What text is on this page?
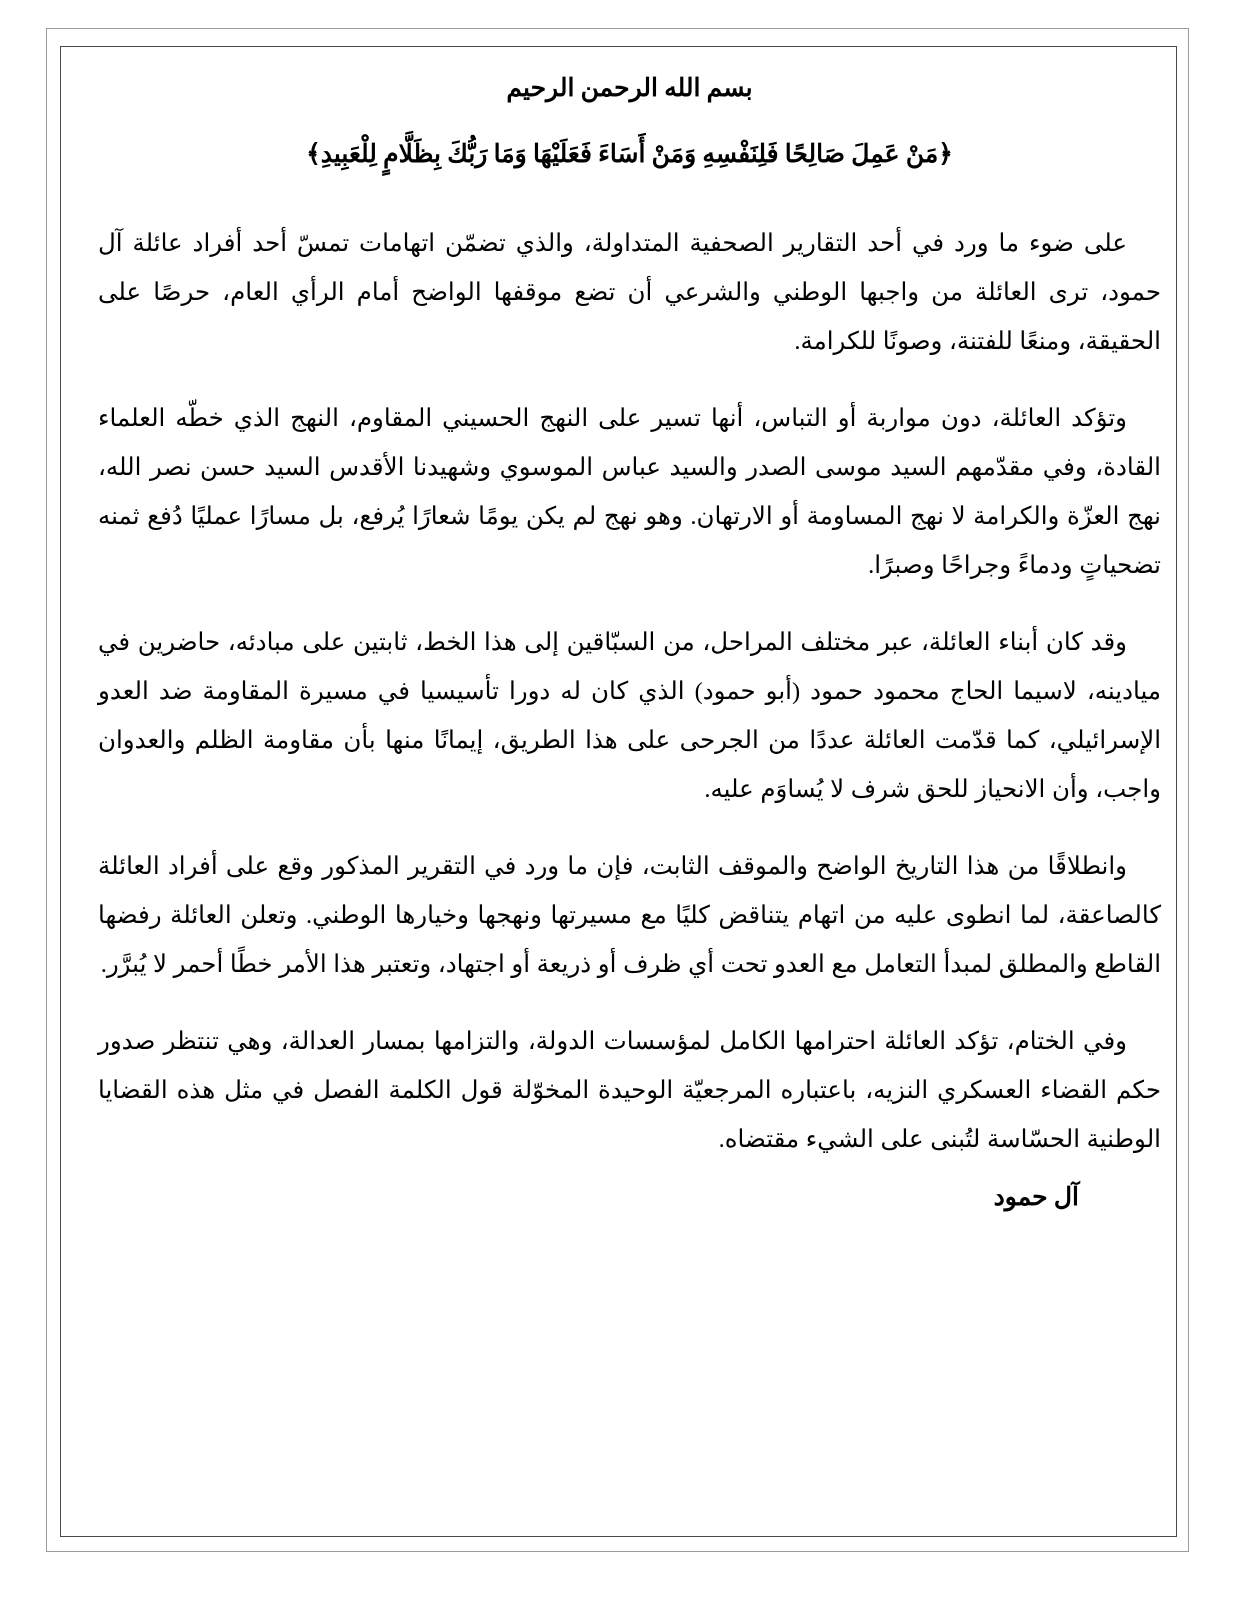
بسم الله الرحمن الرحيم
﴿مَنْ عَمِلَ صَالِحًا فَلِنَفْسِهِ وَمَنْ أَسَاءَ فَعَلَيْهَا وَمَا رَبُّكَ بِظَلَّامٍ لِلْعَبِيدِ﴾

على ضوء ما ورد في أحد التقارير الصحفية المتداولة، والذي تضمّن اتهامات تمسّ أحد أفراد عائلة آل حمود، ترى العائلة من واجبها الوطني والشرعي أن تضع موقفها الواضح أمام الرأي العام، حرصًا على الحقيقة، ومنعًا للفتنة، وصونًا للكرامة.

وتؤكد العائلة، دون مواربة أو التباس، أنها تسير على النهج الحسيني المقاوم، النهج الذي خطّه العلماء القادة، وفي مقدّمهم السيد موسى الصدر والسيد عباس الموسوي وشهيدنا الأقدس السيد حسن نصر الله، نهج العزّة والكرامة لا نهج المساومة أو الارتهان. وهو نهج لم يكن يومًا شعارًا يُرفع، بل مسارًا عمليًا دُفع ثمنه تضحياتٍ ودماءً وجراحًا وصبرًا.

وقد كان أبناء العائلة، عبر مختلف المراحل، من السبّاقين إلى هذا الخط، ثابتين على مبادئه، حاضرين في ميادينه، لاسيما الحاج محمود حمود (أبو حمود) الذي كان له دورا تأسيسيا في مسيرة المقاومة ضد العدو الإسرائيلي، كما قدّمت العائلة عددًا من الجرحى على هذا الطريق، إيمانًا منها بأن مقاومة الظلم والعدوان واجب، وأن الانحياز للحق شرف لا يُساوَم عليه.

وانطلاقًا من هذا التاريخ الواضح والموقف الثابت، فإن ما ورد في التقرير المذكور وقع على أفراد العائلة كالصاعقة، لما انطوى عليه من اتهام يتناقض كليًا مع مسيرتها ونهجها وخيارها الوطني. وتعلن العائلة رفضها القاطع والمطلق لمبدأ التعامل مع العدو تحت أي ظرف أو ذريعة أو اجتهاد، وتعتبر هذا الأمر خطًا أحمر لا يُبرَّر.

وفي الختام، تؤكد العائلة احترامها الكامل لمؤسسات الدولة، والتزامها بمسار العدالة، وهي تنتظر صدور حكم القضاء العسكري النزيه، باعتباره المرجعيّة الوحيدة المخوّلة قول الكلمة الفصل في مثل هذه القضايا الوطنية الحسّاسة لتُبنى على الشيء مقتضاه.

آل حمود
